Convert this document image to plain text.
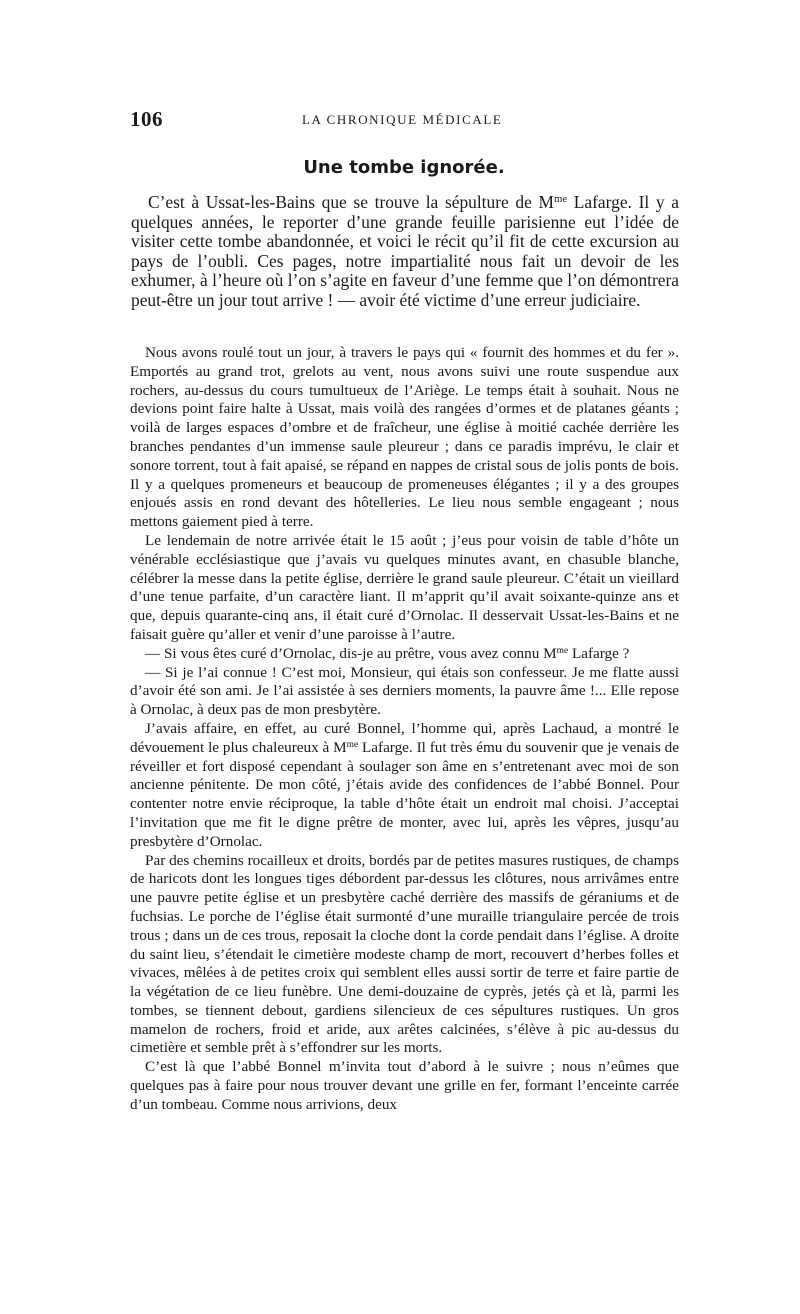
106	LA CHRONIQUE MÉDICALE
Une tombe ignorée.

C’est à Ussat-les-Bains que se trouve la sépulture de $M^{me}$ Lafarge. Il y a quelques années, le reporter d’une grande feuille parisienne eut l’idée de visiter cette tombe abandonnée, et voici le récit qu’il fit de cette excursion au pays de l’oubli. Ces pages, notre impartialité nous fait un devoir de les exhumer, à l’heure où l’on s’agite en faveur d’une femme que l’on démontrera peut-être un jour tout arrive ! — avoir été victime d’une erreur judiciaire.

Nous avons roulé tout un jour, à travers le pays qui « fournit des hommes et du fer ». Emportés au grand trot, grelots au vent, nous avons suivi une route suspendue aux rochers, au-dessus du cours tumultueux de l’Ariège. Le temps était à souhait. Nous ne devions point faire halte à Ussat, mais voilà des rangées d’ormes et de platanes géants ; voilà de larges espaces d’ombre et de fraîcheur, une église à moitié cachée derrière les branches pendantes d’un immense saule pleureur ; dans ce paradis imprévu, le clair et sonore torrent, tout à fait apaisé, se répand en nappes de cristal sous de jolis ponts de bois. Il y a quelques promeneurs et beaucoup de promeneuses élégantes ; il y a des groupes enjoués assis en rond devant des hôtelleries. Le lieu nous semble engageant ; nous mettons gaiement pied à terre.

Le lendemain de notre arrivée était le 15 août ; j’eus pour voisin de table d’hôte un vénérable ecclésiastique que j’avais vu quelques minutes avant, en chasuble blanche, célébrer la messe dans la petite église, derrière le grand saule pleureur. C’était un vieillard d’une tenue parfaite, d’un caractère liant. Il m’apprit qu’il avait soixante-quinze ans et que, depuis quarante-cinq ans, il était curé d’Ornolac. Il desservait Ussat-les-Bains et ne faisait guère qu’aller et venir d’une paroisse à l’autre.

— Si vous êtes curé d’Ornolac, dis-je au prêtre, vous avez connu $M^{me}$ Lafarge ?

— Si je l’ai connue ! C’est moi, Monsieur, qui étais son confesseur. Je me flatte aussi d’avoir été son ami. Je l’ai assistée à ses derniers moments, la pauvre âme !... Elle repose à Ornolac, à deux pas de mon presbytère.

J’avais affaire, en effet, au curé Bonnel, l’homme qui, après Lachaud, a montré le dévouement le plus chaleureux à $M^{me}$ Lafarge. Il fut très ému du souvenir que je venais de réveiller et fort disposé cependant à soulager son âme en s’entretenant avec moi de son ancienne pénitente. De mon côté, j’étais avide des confidences de l’abbé Bonnel. Pour contenter notre envie réciproque, la table d’hôte était un endroit mal choisi. J’acceptai l’invitation que me fit le digne prêtre de monter, avec lui, après les vêpres, jusqu’au presbytère d’Ornolac.

Par des chemins rocailleux et droits, bordés par de petites masures rustiques, de champs de haricots dont les longues tiges débordent par-dessus les clôtures, nous arrivâmes entre une pauvre petite église et un presbytère caché derrière des massifs de géraniums et de fuchsias. Le porche de l’église était surmonté d’une muraille triangulaire percée de trois trous ; dans un de ces trous, reposait la cloche dont la corde pendait dans l’église. A droite du saint lieu, s’étendait le cimetière modeste champ de mort, recouvert d’herbes folles et vivaces, mêlées à de petites croix qui semblent elles aussi sortir de terre et faire partie de la végétation de ce lieu funèbre. Une demi-douzaine de cyprès, jetés çà et là, parmi les tombes, se tiennent debout, gardiens silencieux de ces sépultures rustiques. Un gros mamelon de rochers, froid et aride, aux arêtes calcinées, s’élève à pic au-dessus du cimetière et semble prêt à s’effondrer sur les morts.

C’est là que l’abbé Bonnel m’invita tout d’abord à le suivre ; nous n’eûmes que quelques pas à faire pour nous trouver devant une grille en fer, formant l’enceinte carrée d’un tombeau. Comme nous arrivions, deux
